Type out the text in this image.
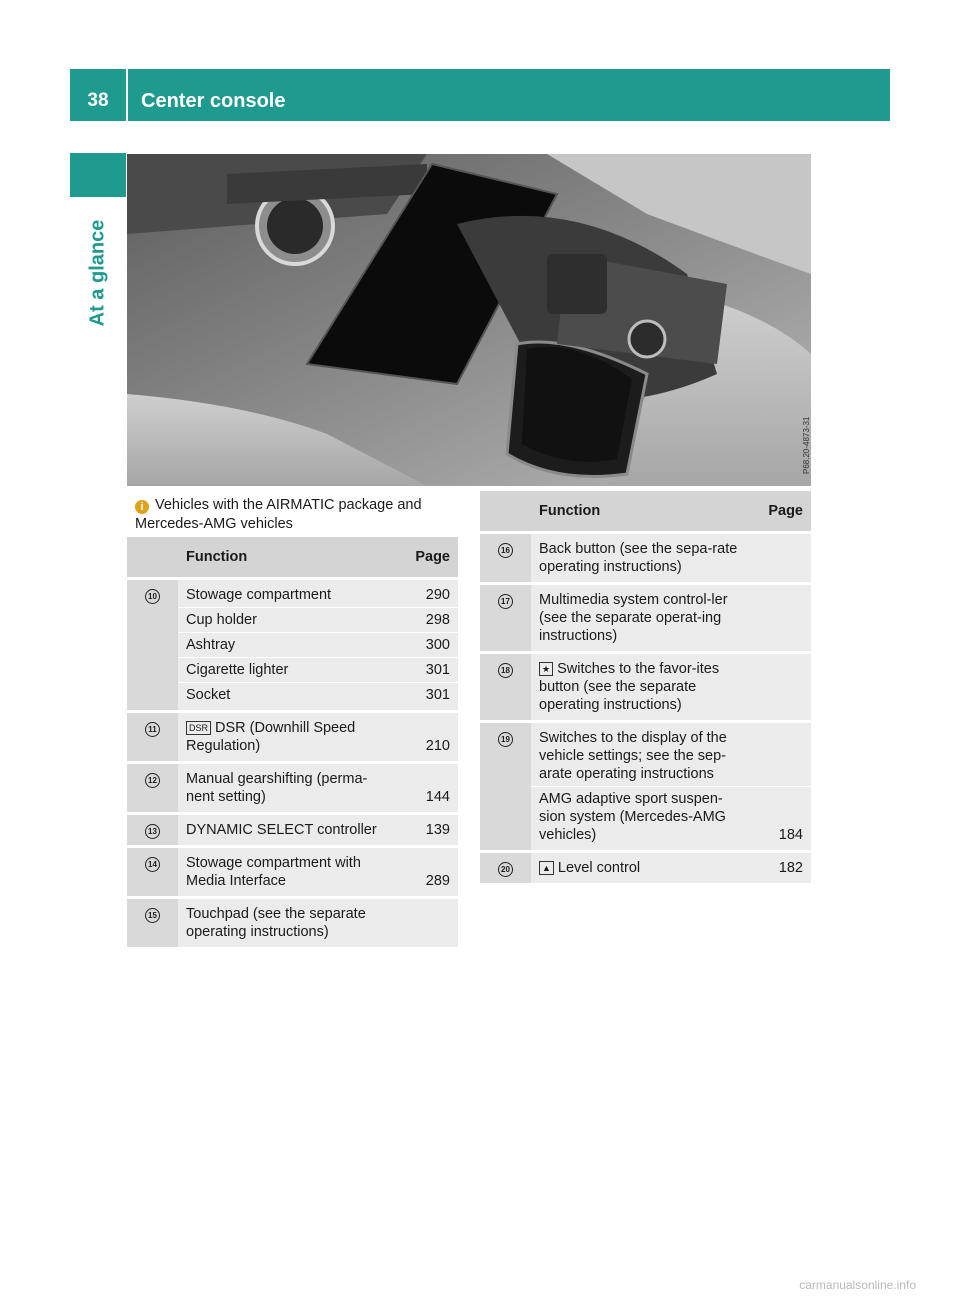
38	Center console
At a glance
P68.20-4873-31
i Vehicles with the AIRMATIC package and Mercedes-AMG vehicles
	Function	Page
10	Stowage compartment	290
	Cup holder	298
	Ashtray	300
	Cigarette lighter	301
	Socket	301
11	DSR DSR (Downhill Speed Regulation)	210
12	Manual gearshifting (perma-nent setting)	144
13	DYNAMIC SELECT controller	139
14	Stowage compartment with Media Interface	289
15	Touchpad (see the separate operating instructions)	
	Function	Page
16	Back button (see the sepa-rate operating instructions)	
17	Multimedia system control-ler (see the separate operat-ing instructions)	
18	★ Switches to the favor-ites button (see the separate operating instructions)	
19	Switches to the display of the vehicle settings; see the sep-arate operating instructions	
	AMG adaptive sport suspen-sion system (Mercedes-AMG vehicles)	184
20	▲ Level control	182
carmanualsonline.info
